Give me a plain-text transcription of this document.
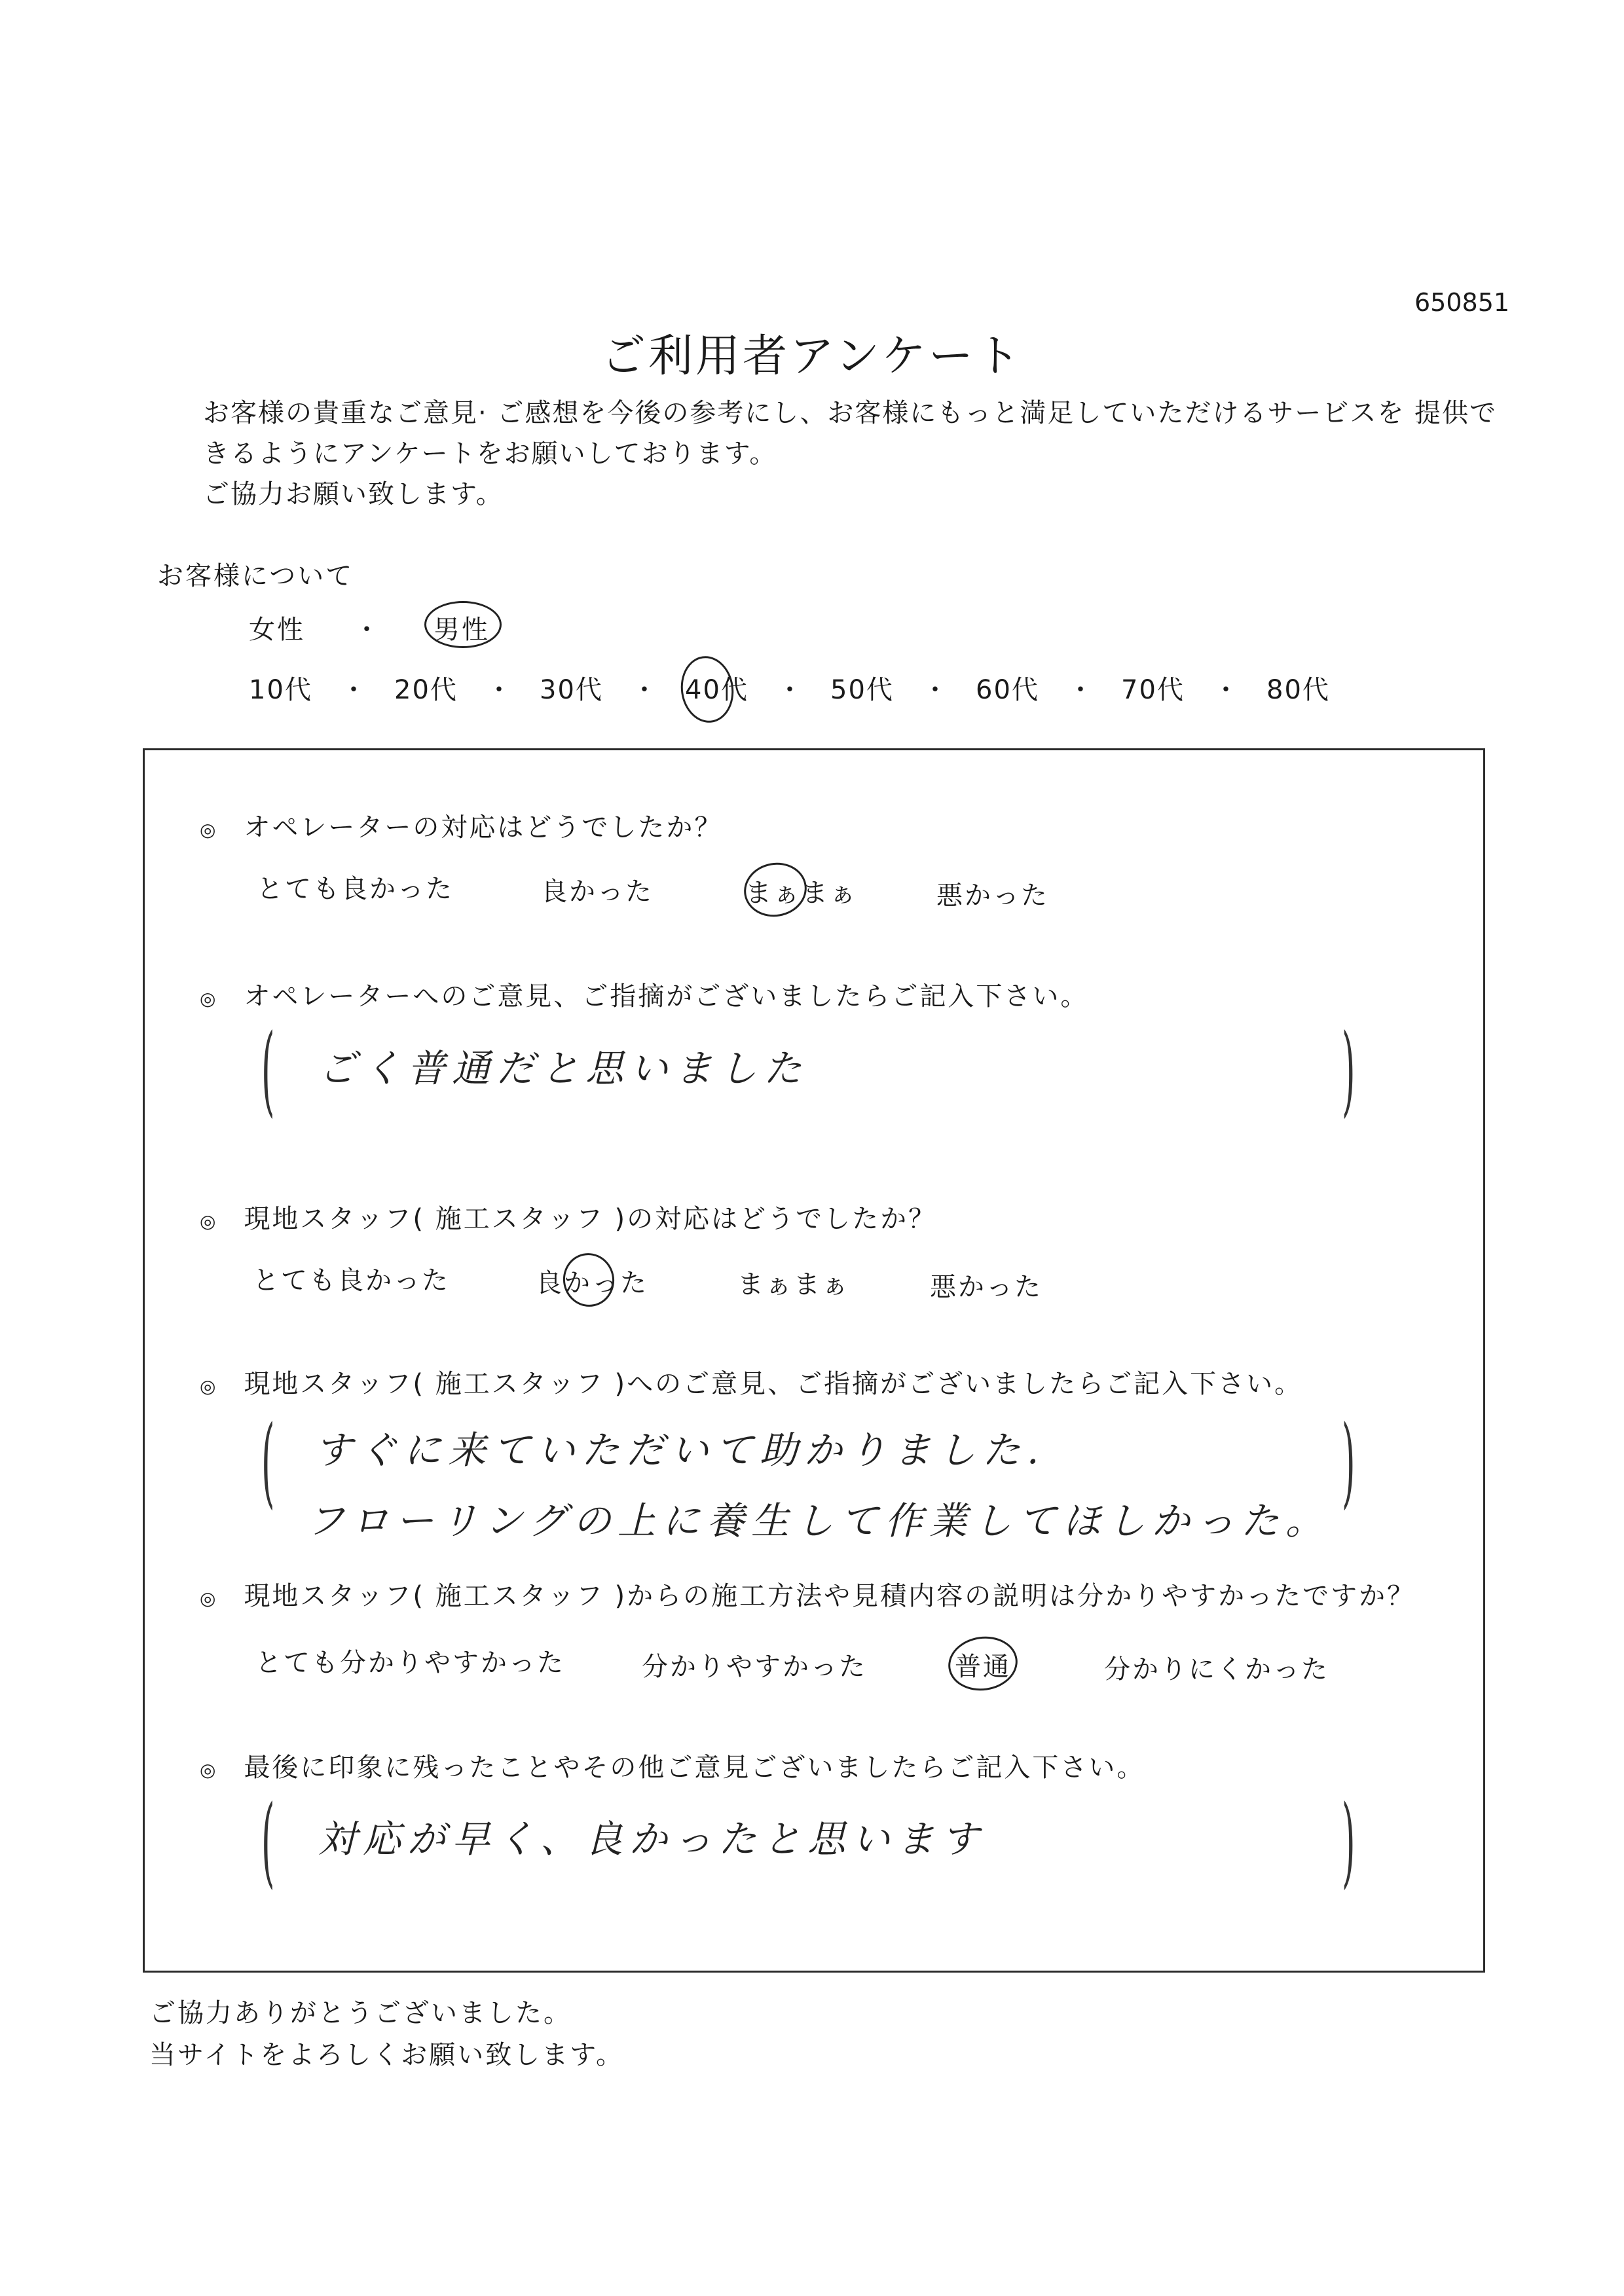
650851
ご利用者アンケート
お客様の貴重なご意見· ご感想を今後の参考にし、お客様にもっと満足していただけるサービスを 提供で
きるようにアンケートをお願いしております。
ご協力お願い致します。
お客様について
女性 ・ 男性
10代 ・ 20代 ・ 30代 ・ 40代 ・ 50代 ・ 60代 ・ 70代 ・ 80代
◎ オペレーターの対応はどうでしたか？
とても良かった	良かった	まぁまぁ	悪かった
◎ オペレーターへのご意見、ご指摘がございましたらご記入下さい。
( ごく普通だと思いました	)
◎ 現地スタッフ( 施工スタッフ )の対応はどうでしたか？
とても良かった	良かった	まぁまぁ	悪かった
◎ 現地スタッフ( 施工スタッフ )へのご意見、ご指摘がございましたらご記入下さい。
( すぐに来ていただいて助かりました.
フローリングの上に養生して作業してほしかった。
)
◎ 現地スタッフ( 施工スタッフ )からの施工方法や見積内容の説明は分かりやすかったですか？
とても分かりやすかった	分かりやすかった	普通	分かりにくかった
◎ 最後に印象に残ったことやその他ご意見ございましたらご記入下さい。
( 対応が早く、良かったと思います	)
ご協力ありがとうございました。
当サイトをよろしくお願い致します。
